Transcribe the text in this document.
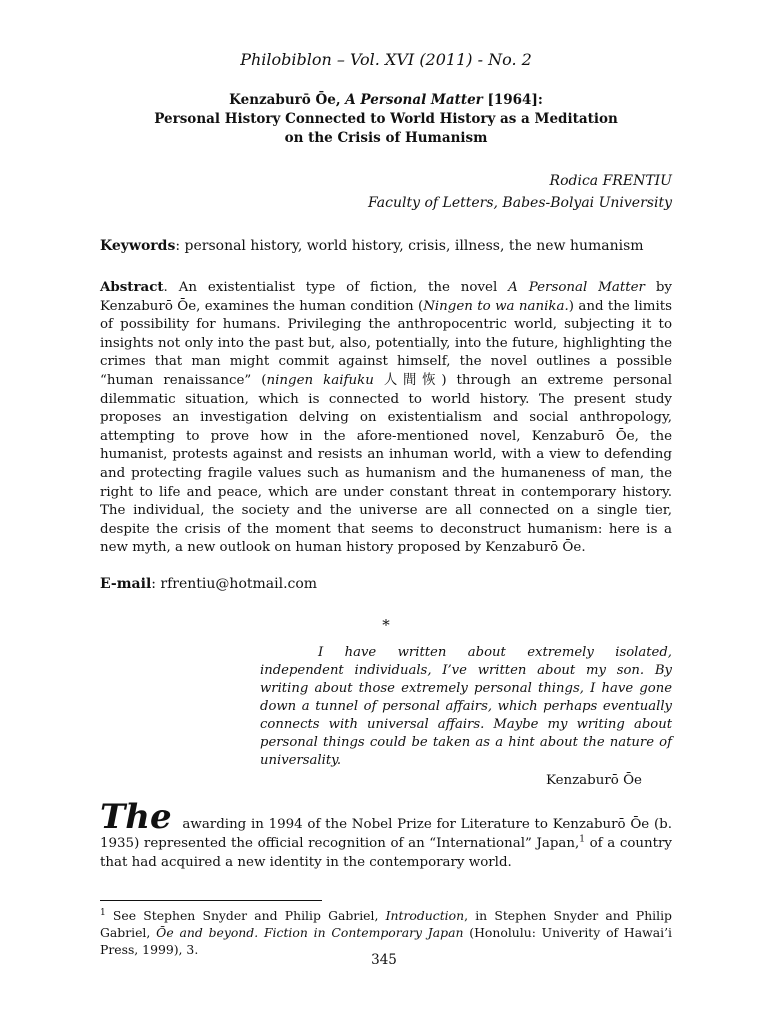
Philobiblon – Vol. XVI (2011) - No. 2
Kenzaburō Ōe, A Personal Matter [1964]:
Personal History Connected to World History as a Meditation
on the Crisis of Humanism
Rodica FRENTIU
Faculty of Letters, Babes-Bolyai University

Keywords: personal history, world history, crisis, illness, the new humanism

Abstract. An existentialist type of fiction, the novel A Personal Matter by Kenzaburō Ōe, examines the human condition (Ningen to wa nanika.) and the limits of possibility for humans. Privileging the anthropocentric world, subjecting it to insights not only into the past but, also, potentially, into the future, highlighting the crimes that man might commit against himself, the novel outlines a possible “human renaissance” (ningen kaifuku 人間恢) through an extreme personal dilemmatic situation, which is connected to world history. The present study proposes an investigation delving on existentialism and social anthropology, attempting to prove how in the afore-mentioned novel, Kenzaburō Ōe, the humanist, protests against and resists an inhuman world, with a view to defending and protecting fragile values such as humanism and the humaneness of man, the right to life and peace, which are under constant threat in contemporary history. The individual, the society and the universe are all connected on a single tier, despite the crisis of the moment that seems to deconstruct humanism: here is a new myth, a new outlook on human history proposed by Kenzaburō Ōe.

E-mail: rfrentiu@hotmail.com

*
I have written about extremely isolated, independent individuals, I’ve written about my son. By writing about those extremely personal things, I have gone down a tunnel of personal affairs, which perhaps eventually connects with universal affairs. Maybe my writing about personal things could be taken as a hint about the nature of universality.
Kenzaburō Ōe

The awarding in 1994 of the Nobel Prize for Literature to Kenzaburō Ōe (b. 1935) represented the official recognition of an “International” Japan,$^1$ of a country that had acquired a new identity in the contemporary world.

$^1$ See Stephen Snyder and Philip Gabriel, Introduction, in Stephen Snyder and Philip Gabriel, Ōe and beyond. Fiction in Contemporary Japan (Honolulu: Univerity of Hawai’i Press, 1999), 3.

345
